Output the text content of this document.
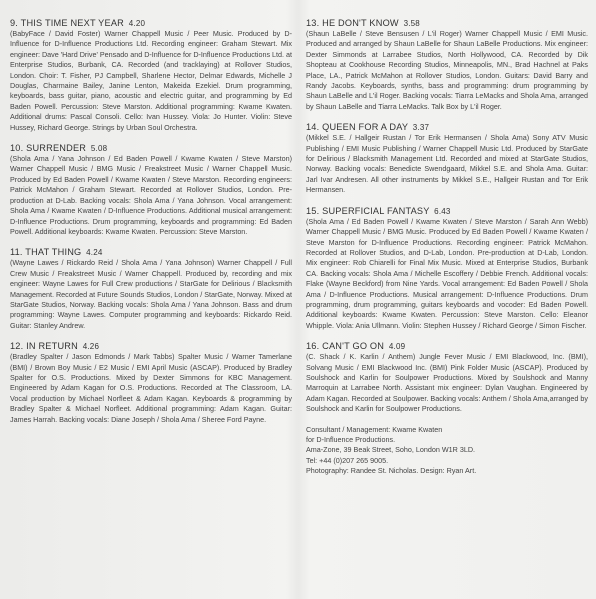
9. THIS TIME NEXT YEAR 4.20

(BabyFace / David Foster) Warner Chappell Music / Peer Music. Produced by D-Influence for D-Influence Productions Ltd. Recording engineer: Graham Stewart. Mix engineer: Dave 'Hard Drive' Pensado and D-Influence for D-Influence Productions Ltd. at Enterprise Studios, Burbank, CA. Recorded (and tracklaying) at Rollover Studios, London. Choir: T. Fisher, PJ Campbell, Sharlene Hector, Delmar Edwards, Michelle J Douglas, Charmaine Bailey, Janine Lenton, Makeida Ezekiel. Drum programming, keyboards, bass guitar, piano, acoustic and electric guitar, and programming by Ed Baden Powell. Percussion: Steve Marston. Additional programming: Kwame Kwaten. Additional drums: Pascal Consoli. Cello: Ivan Hussey. Viola: Jo Hunter. Violin: Steve Hussey, Richard George. Strings by Urban Soul Orchestra.

10. SURRENDER 5.08

(Shola Ama / Yana Johnson / Ed Baden Powell / Kwame Kwaten / Steve Marston) Warner Chappell Music / BMG Music / Freakstreet Music / Warner Chappell Music. Produced by Ed Baden Powell / Kwame Kwaten / Steve Marston. Recording engineers: Patrick McMahon / Graham Stewart. Recorded at Rollover Studios, London. Pre-production at D-Lab. Backing vocals: Shola Ama / Yana Johnson. Vocal arrangement: Shola Ama / Kwame Kwaten / D-Influence Productions. Additional musical arrangement: D-Influence Productions. Drum programming, keyboards and programming: Ed Baden Powell. Additional keyboards: Kwame Kwaten. Percussion: Steve Marston.

11. THAT THING 4.24

(Wayne Lawes / Rickardo Reid / Shola Ama / Yana Johnson) Warner Chappell / Full Crew Music / Freakstreet Music / Warner Chappell. Produced by, recording and mix engineer: Wayne Lawes for Full Crew productions / StarGate for Delirious / Blacksmith Management. Recorded at Future Sounds Studios, London / StarGate, Norway. Mixed at StarGate Studios, Norway. Backing vocals: Shola Ama / Yana Johnson. Bass and drum programming: Wayne Lawes. Computer programming and keyboards: Rickardo Reid. Guitar: Stanley Andrew.

12. IN RETURN 4.26

(Bradley Spalter / Jason Edmonds / Mark Tabbs) Spalter Music / Warner Tamerlane (BMI) / Brown Boy Music / E2 Music / EMI April Music (ASCAP). Produced by Bradley Spalter for O.S. Productions. Mixed by Dexter Simmons for KBC Management. Engineered by Adam Kagan for O.S. Productions. Recorded at The Classroom, LA. Vocal production by Michael Norfleet & Adam Kagan. Keyboards & programming by Bradley Spalter & Michael Norfleet. Additional programming: Adam Kagan. Guitar: James Harrah. Backing vocals: Diane Joseph / Shola Ama / Sheree Ford Payne.

13. HE DON'T KNOW 3.58

(Shaun LaBelle / Steve Bensusen / L'il Roger) Warner Chappell Music / EMI Music. Produced and arranged by Shaun LaBelle for Shaun LaBelle Productions. Mix engineer: Dexter Simmonds at Larrabee Studios, North Hollywood, CA. Recorded by Dik Shopteau at Cookhouse Recording Studios, Minneapolis, MN., Brad Hachnel at Paks Place, LA., Patrick McMahon at Rollover Studios, London. Guitars: David Barry and Randy Jacobs. Keyboards, synths, bass and programming: drum programming by Shaun LaBelle and L'il Roger. Backing vocals: Tiarra LeMacks and Shola Ama, arranged by Shaun LaBelle and Tiarra LeMacks. Talk Box by L'il Roger.

14. QUEEN FOR A DAY 3.37

(Mikkel S.E. / Hallgeir Rustan / Tor Erik Hermansen / Shola Ama) Sony ATV Music Publishing / EMI Music Publishing / Warner Chappell Music Ltd. Produced by StarGate for Delirious / Blacksmith Management Ltd. Recorded and mixed at StarGate Studios, Norway. Backing vocals: Benedicte Swendgaard, Mikkel S.E. and Shola Ama. Guitar: Jarl Ivar Andresen. All other instruments by Mikkel S.E., Hallgeir Rustan and Tor Erik Hermansen.

15. SUPERFICIAL FANTASY 6.43

(Shola Ama / Ed Baden Powell / Kwame Kwaten / Steve Marston / Sarah Ann Webb) Warner Chappell Music / BMG Music. Produced by Ed Baden Powell / Kwame Kwaten / Steve Marston for D-Influence Productions. Recording engineer: Patrick McMahon. Recorded at Rollover Studios, and D-Lab, London. Pre-production at D-Lab, London. Mix engineer: Rob Chiarelli for Final Mix Music. Mixed at Enterprise Studios, Burbank CA. Backing vocals: Shola Ama / Michelle Escoffery / Debbie French. Additional vocals: Flake (Wayne Beckford) from Nine Yards. Vocal arrangement: Ed Baden Powell / Shola Ama / D-Influence Productions. Musical arrangement: D-Influence Productions. Drum programming, drum programming, guitars keyboards and vocoder: Ed Baden Powell. Additional keyboards: Kwame Kwaten. Percussion: Steve Marston. Cello: Eleanor Whipple. Viola: Ania Ullmann. Violin: Stephen Hussey / Richard George / Simon Fischer.

16. CAN'T GO ON 4.09

(C. Shack / K. Karlin / Anthem) Jungle Fever Music / EMI Blackwood, Inc. (BMI), Solvang Music / EMI Blackwood Inc. (BMI) Pink Folder Music (ASCAP). Produced by Soulshock and Karlin for Soulpower Productions. Mixed by Soulshock and Manny Marroquin at Larrabee North. Assistant mix engineer: Dylan Vaughan. Engineered by Adam Kagan. Recorded at Soulpower. Backing vocals: Anthem / Shola Ama,arranged by Soulshock and Karlin for Soulpower Productions.

Consultant / Management: Kwame Kwaten
for D-Influence Productions.
Ama-Zone, 39 Beak Street, Soho, London W1R 3LD.
Tel: +44 (0)207 265 9005.
Photography: Randee St. Nicholas. Design: Ryan Art.
